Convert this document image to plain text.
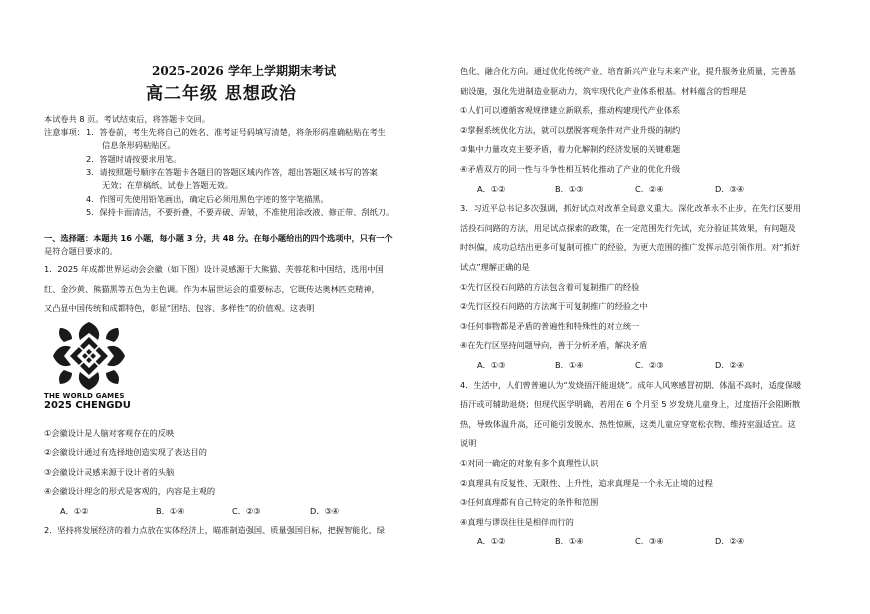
2025-2026 学年上学期期末考试
高二年级 思想政治
本试卷共 8 页。考试结束后，将答题卡交回。
注意事项： 1．答卷前，考生先将自己的姓名、准考证号码填写清楚，将条形码准确粘贴在考生
信息条形码粘贴区。
2．答题时请按要求用笔。
3．请按照题号顺序在答题卡各题目的答题区域内作答，超出答题区域书写的答案
无效；在草稿纸、试卷上答题无效。
4．作图可先使用铅笔画出，确定后必须用黑色字迹的签字笔描黑。
5．保持卡面清洁，不要折叠，不要弄破、弄皱，不准使用涂改液、修正带、刮纸刀。
一、选择题：本题共 16 小题，每小题 3 分，共 48 分。在每小题给出的四个选项中，只有一个
是符合题目要求的。
1．2025 年成都世界运动会会徽（如下图）设计灵感源于大熊猫、芙蓉花和中国结，选用中国
红、金沙黄、熊猫黑等五色为主色调。作为本届世运会的重要标志，它既传达奥林匹克精神，
又凸显中国传统和成都特色，彰显“团结、包容、多样性”的价值观。这表明
THE WORLD GAMES
2025 CHENGDU
①会徽设计是人脑对客观存在的反映
②会徽设计通过有选择地创造实现了表达目的
③会徽设计灵感来源于设计者的头脑
④会徽设计理念的形式是客观的，内容是主观的
A．①②	B．①④	C．②③	D．③④
2．坚持将发展经济的着力点放在实体经济上，瞄准制造强国、质量强国目标，把握智能化、绿
色化、融合化方向。通过优化传统产业、培育新兴产业与未来产业，提升服务业质量，完善基
础设施，强化先进制造业驱动力，筑牢现代化产业体系根基。材料蕴含的哲理是
①人们可以遵循客观规律建立新联系，推动构建现代产业体系
②掌握系统优化方法，就可以摆脱客观条件对产业升级的制约
③集中力量攻克主要矛盾，着力化解制约经济发展的关键难题
④矛盾双方的同一性与斗争性相互转化推动了产业的优化升级
A．①②	B．①③	C．②④	D．③④
3．习近平总书记多次强调，抓好试点对改革全局意义重大。深化改革永不止步，在先行区要用
活投石问路的方法，用足试点探索的政策，在一定范围先行先试，充分验证其效果，有问题及
时纠偏，成功总结出更多可复制可推广的经验，为更大范围的推广发挥示范引领作用。对“抓好
试点”理解正确的是
①先行区投石问路的方法包含着可复制推广的经验
②先行区投石问路的方法寓于可复制推广的经验之中
③任何事物都是矛盾的普遍性和特殊性的对立统一
④在先行区坚持问题导向，善于分析矛盾，解决矛盾
A．①③	B．①④	C．②③	D．②④
4．生活中，人们曾普遍认为“发烧捂汗能退烧”。成年人风寒感冒初期、体温不高时，适度保暖
捂汗或可辅助退烧；但现代医学明确，若用在 6 个月至 5 岁发烧儿童身上，过度捂汗会阻断散
热，导致体温升高，还可能引发脱水、热性惊厥，这类儿童应穿宽松衣物、维持室温适宜。这
说明
①对同一确定的对象有多个真理性认识
②真理具有反复性、无限性、上升性，追求真理是一个永无止境的过程
③任何真理都有自己特定的条件和范围
④真理与谬误往往是相伴而行的
A．①②	B．①④	C．③④	D．②④
